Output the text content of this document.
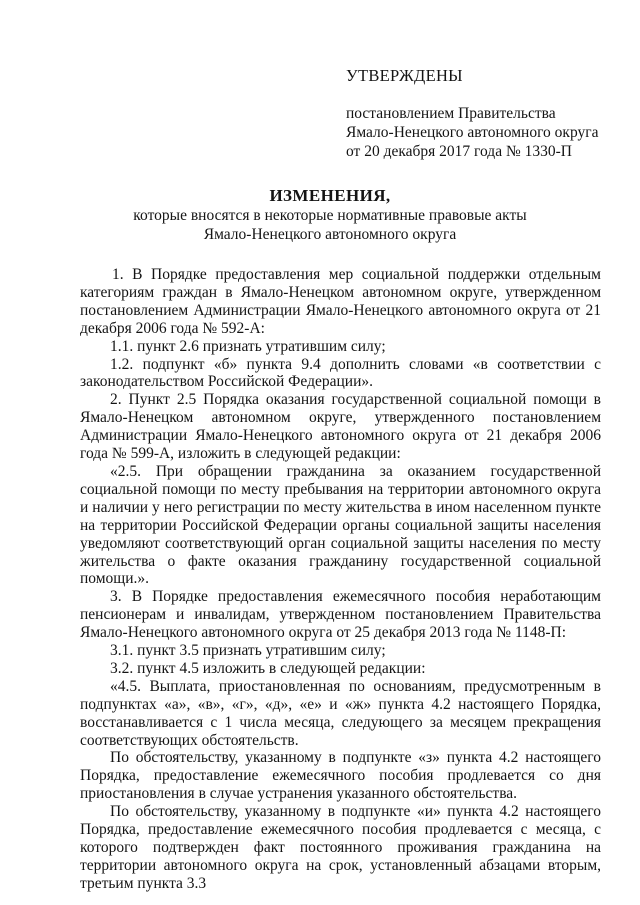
УТВЕРЖДЕНЫ
постановлением Правительства
Ямало-Ненецкого автономного округа
от 20 декабря 2017 года № 1330-П
ИЗМЕНЕНИЯ,
которые вносятся в некоторые нормативные правовые акты
Ямало-Ненецкого автономного округа

1. В Порядке предоставления мер социальной поддержки отдельным категориям граждан в Ямало-Ненецком автономном округе, утвержденном постановлением Администрации Ямало-Ненецкого автономного округа от 21 декабря 2006 года № 592-А:

1.1. пункт 2.6 признать утратившим силу;

1.2. подпункт «б» пункта 9.4 дополнить словами «в соответствии с законодательством Российской Федерации».

2. Пункт 2.5 Порядка оказания государственной социальной помощи в Ямало-Ненецком автономном округе, утвержденного постановлением Администрации Ямало-Ненецкого автономного округа от 21 декабря 2006 года № 599-А, изложить в следующей редакции:

«2.5. При обращении гражданина за оказанием государственной социальной помощи по месту пребывания на территории автономного округа и наличии у него регистрации по месту жительства в ином населенном пункте на территории Российской Федерации органы социальной защиты населения уведомляют соответствующий орган социальной защиты населения по месту жительства о факте оказания гражданину государственной социальной помощи.».

3. В Порядке предоставления ежемесячного пособия неработающим пенсионерам и инвалидам, утвержденном постановлением Правительства Ямало-Ненецкого автономного округа от 25 декабря 2013 года № 1148-П:

3.1. пункт 3.5 признать утратившим силу;

3.2. пункт 4.5 изложить в следующей редакции:

«4.5. Выплата, приостановленная по основаниям, предусмотренным в подпунктах «а», «в», «г», «д», «е» и «ж» пункта 4.2 настоящего Порядка, восстанавливается с 1 числа месяца, следующего за месяцем прекращения соответствующих обстоятельств.

По обстоятельству, указанному в подпункте «з» пункта 4.2 настоящего Порядка, предоставление ежемесячного пособия продлевается со дня приостановления в случае устранения указанного обстоятельства.

По обстоятельству, указанному в подпункте «и» пункта 4.2 настоящего Порядка, предоставление ежемесячного пособия продлевается с месяца, с которого подтвержден факт постоянного проживания гражданина на территории автономного округа на срок, установленный абзацами вторым, третьим пункта 3.3
